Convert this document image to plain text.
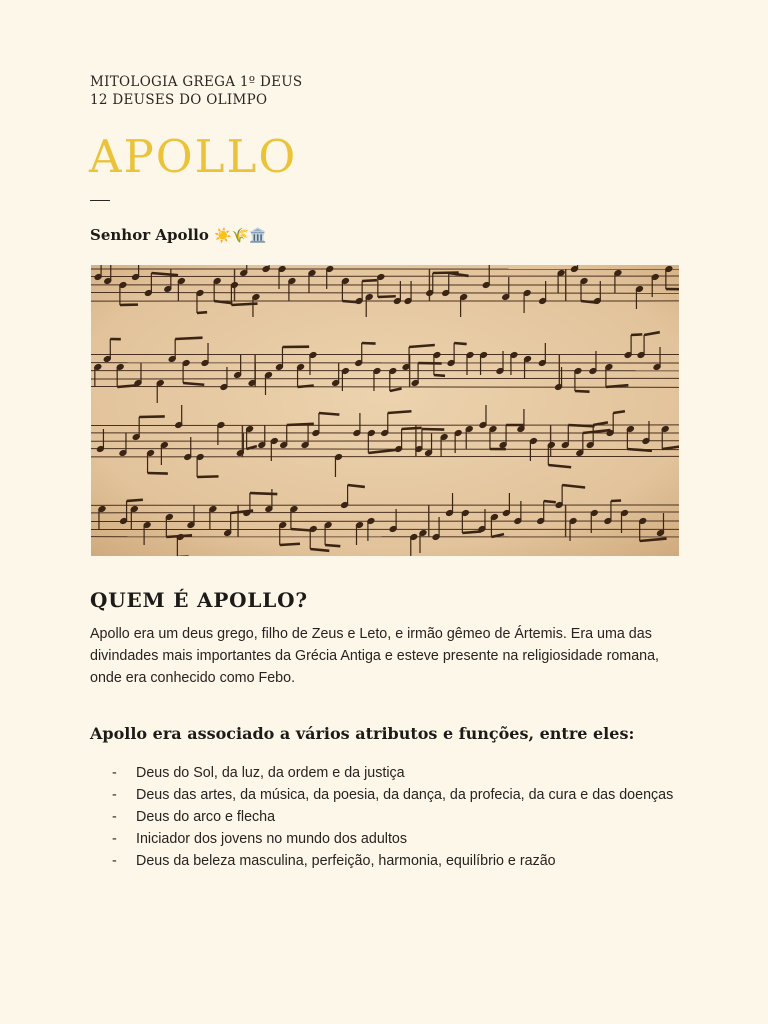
MITOLOGIA GREGA 1º DEUS
12 DEUSES DO OLIMPO
APOLLO
Senhor Apollo ☀️🌾🏛️
QUEM É APOLLO?
Apollo era um deus grego, filho de Zeus e Leto, e irmão gêmeo de Ártemis. Era uma das divindades mais importantes da Grécia Antiga e esteve presente na religiosidade romana, onde era conhecido como Febo.
Apollo era associado a vários atributos e funções, entre eles:
- Deus do Sol, da luz, da ordem e da justiça
- Deus das artes, da música, da poesia, da dança, da profecia, da cura e das doenças
- Deus do arco e flecha
- Iniciador dos jovens no mundo dos adultos
- Deus da beleza masculina, perfeição, harmonia, equilíbrio e razão
